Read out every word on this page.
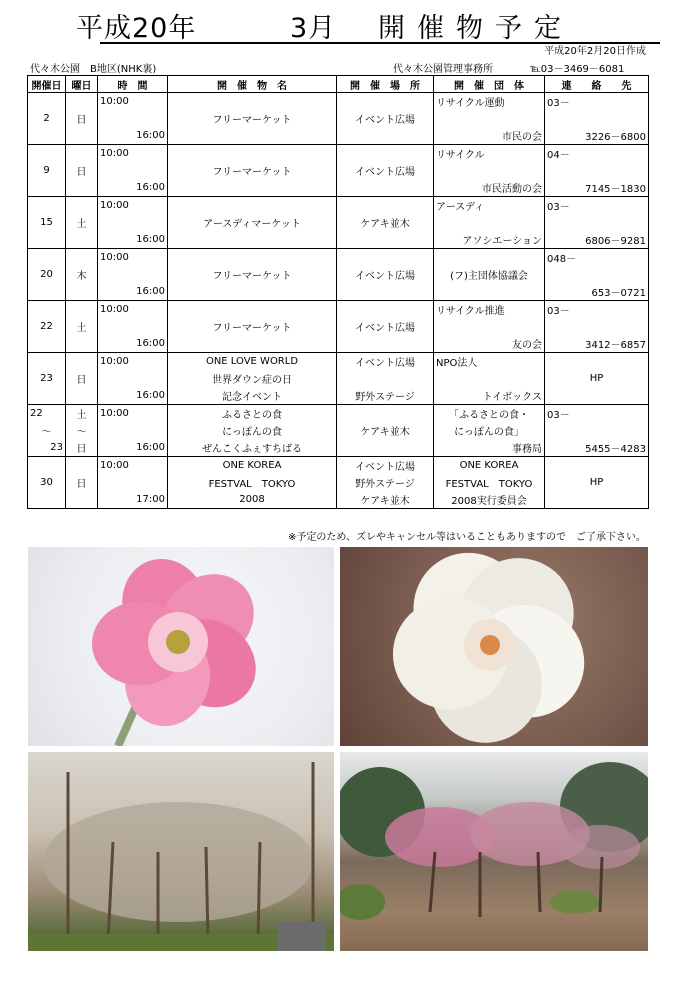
平成20年	3月 開催物予定
平成20年2月20日作成
代々木公園　B地区(NHK裏)	代々木公園管理事務所	℡03－3469－6081
開催日	曜日	時　間	開　催　物　名	開　催　場　所	開　催　団　体	連　　絡　　先
		10:00			リサイクル運動	03－
2	日		フリーマーケット	イベント広場		
		16:00			市民の会	3226－6800
		10:00			リサイクル	04－
9	日		フリーマーケット	イベント広場		
		16:00			市民活動の会	7145－1830
		10:00			アースディ	03－
15	土		アースディマーケット	ケアキ並木		
		16:00			アソシエーション	6806－9281
		10:00				048－
20	木		フリーマーケット	イベント広場	(フ)主団体協議会	
		16:00				653－0721
		10:00			リサイクル推進	03－
22	土		フリーマーケット	イベント広場		
		16:00			友の会	3412－6857
		10:00	ONE LOVE WORLD	イベント広場	NPO法人	
23	日		世界ダウン症の日			HP
		16:00	記念イベント	野外ステージ	トイボックス	
22	土	10:00	ふるさとの食		「ふるさとの食・	03－
～	～		にっぽんの食	ケアキ並木	にっぽんの食」	
23	日	16:00	ぜんこくふぇすちばる		事務局	5455－4283
		10:00	ONE KOREA	イベント広場	ONE KOREA	
30	日		FESTVAL　TOKYO	野外ステージ	FESTVAL　TOKYO	HP
		17:00	2008	ケアキ並木	2008実行委員会	
※予定のため、ズレやキャンセル等はいることもありますので　ご了承下さい。
